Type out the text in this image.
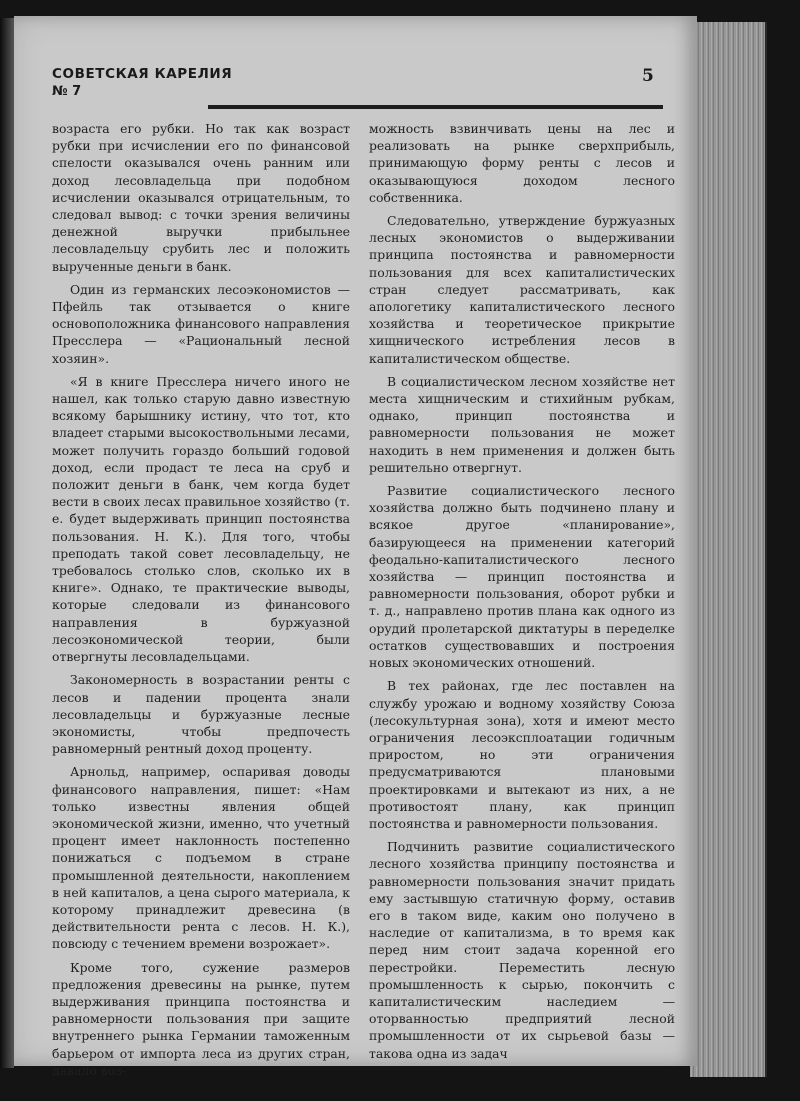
СОВЕТСКАЯ КАРЕЛИЯ
№ 7
5

возраста его рубки. Но так как возраст рубки при исчислении его по финансовой спелости оказывался очень ранним или доход лесовладельца при подобном исчислении оказывался отрицательным, то следовал вывод: с точки зрения величины денежной выручки прибыльнее лесовладельцу срубить лес и положить вырученные деньги в банк.

Один из германских лесоэкономистов — Пфейль так отзывается о книге основоположника финансового направления Пресслера — «Рациональный лесной хозяин».

«Я в книге Пресслера ничего иного не нашел, как только старую давно известную всякому барышнику истину, что тот, кто владеет старыми высокоствольными лесами, может получить гораздо больший годовой доход, если продаст те леса на сруб и положит деньги в банк, чем когда будет вести в своих лесах правильное хозяйство (т. е. будет выдерживать принцип постоянства пользования. Н. К.). Для того, чтобы преподать такой совет лесовладельцу, не требовалось столько слов, сколько их в книге». Однако, те практические выводы, которые следовали из финансового направления в буржуазной лесоэкономической теории, были отвергнуты лесовладельцами.

Закономерность в возрастании ренты с лесов и падении процента знали лесовладельцы и буржуазные лесные экономисты, чтобы предпочесть равномерный рентный доход проценту.

Арнольд, например, оспаривая доводы финансового направления, пишет: «Нам только известны явления общей экономической жизни, именно, что учетный процент имеет наклонность постепенно понижаться с подъемом в стране промышленной деятельности, накоплением в ней капиталов, а цена сырого материала, к которому принадлежит древесина (в действительности рента с лесов. Н. К.), повсюду с течением времени возрожает».

Кроме того, сужение размеров предложения древесины на рынке, путем выдерживания принципа постоянства и равномерности пользования при защите внутреннего рынка Германии таможенным барьером от импорта леса из других стран, давало воз-

можность взвинчивать цены на лес и реализовать на рынке сверхприбыль, принимающую форму ренты с лесов и оказывающуюся доходом лесного собственника.

Следовательно, утверждение буржуазных лесных экономистов о выдерживании принципа постоянства и равномерности пользования для всех капиталистических стран следует рассматривать, как апологетику капиталистического лесного хозяйства и теоретическое прикрытие хищнического истребления лесов в капиталистическом обществе.

В социалистическом лесном хозяйстве нет места хищническим и стихийным рубкам, однако, принцип постоянства и равномерности пользования не может находить в нем применения и должен быть решительно отвергнут.

Развитие социалистического лесного хозяйства должно быть подчинено плану и всякое другое «планирование», базирующееся на применении категорий феодально-капиталистического лесного хозяйства — принцип постоянства и равномерности пользования, оборот рубки и т. д., направлено против плана как одного из орудий пролетарской диктатуры в переделке остатков существовавших и построения новых экономических отношений.

В тех районах, где лес поставлен на службу урожаю и водному хозяйству Союза (лесокультурная зона), хотя и имеют место ограничения лесоэксплоатации годичным приростом, но эти ограничения предусматриваются плановыми проектировками и вытекают из них, а не противостоят плану, как принцип постоянства и равномерности пользования.

Подчинить развитие социалистического лесного хозяйства принципу постоянства и равномерности пользования значит придать ему застывшую статичную форму, оставив его в таком виде, каким оно получено в наследие от капитализма, в то время как перед ним стоит задача коренной его перестройки. Переместить лесную промышленность к сырью, покончить с капиталистическим наследием — оторванностью предприятий лесной промышленности от их сырьевой базы — такова одна из задач
